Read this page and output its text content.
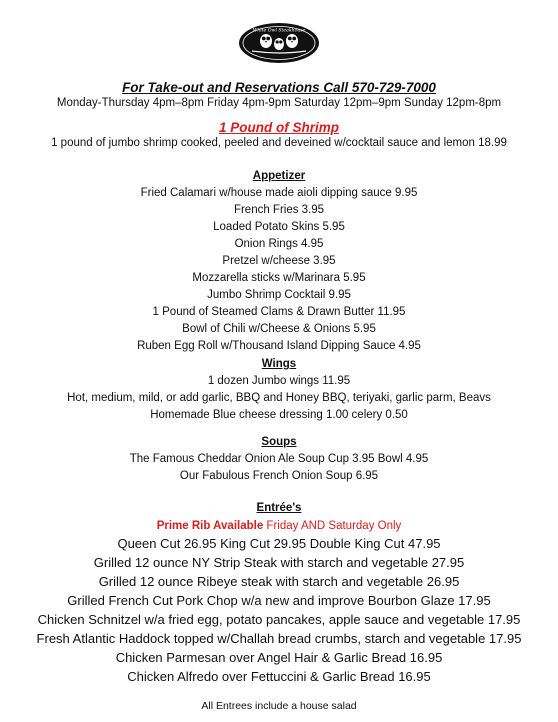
White Owl Steakhouse
For Take-out and Reservations Call 570-729-7000
Monday-Thursday 4pm–8pm Friday 4pm-9pm Saturday 12pm–9pm Sunday 12pm-8pm
1 Pound of Shrimp
1 pound of jumbo shrimp cooked, peeled and deveined w/cocktail sauce and lemon 18.99
Appetizer
Fried Calamari w/house made aioli dipping sauce 9.95
French Fries 3.95
Loaded Potato Skins 5.95
Onion Rings 4.95
Pretzel w/cheese 3.95
Mozzarella sticks w/Marinara 5.95
Jumbo Shrimp Cocktail 9.95
1 Pound of Steamed Clams & Drawn Butter 11.95
Bowl of Chili w/Cheese & Onions 5.95
Ruben Egg Roll w/Thousand Island Dipping Sauce 4.95
Wings
1 dozen Jumbo wings 11.95
Hot, medium, mild, or add garlic, BBQ and Honey BBQ, teriyaki, garlic parm, Beavs
Homemade Blue cheese dressing 1.00 celery 0.50
Soups
The Famous Cheddar Onion Ale Soup Cup 3.95 Bowl 4.95
Our Fabulous French Onion Soup 6.95
Entrée's
Prime Rib Available Friday AND Saturday Only
Queen Cut 26.95 King Cut 29.95 Double King Cut 47.95
Grilled 12 ounce NY Strip Steak with starch and vegetable 27.95
Grilled 12 ounce Ribeye steak with starch and vegetable 26.95
Grilled French Cut Pork Chop w/a new and improve Bourbon Glaze 17.95
Chicken Schnitzel w/a fried egg, potato pancakes, apple sauce and vegetable 17.95
Fresh Atlantic Haddock topped w/Challah bread crumbs, starch and vegetable 17.95
Chicken Parmesan over Angel Hair & Garlic Bread 16.95
Chicken Alfredo over Fettuccini & Garlic Bread 16.95
All Entrees include a house salad
